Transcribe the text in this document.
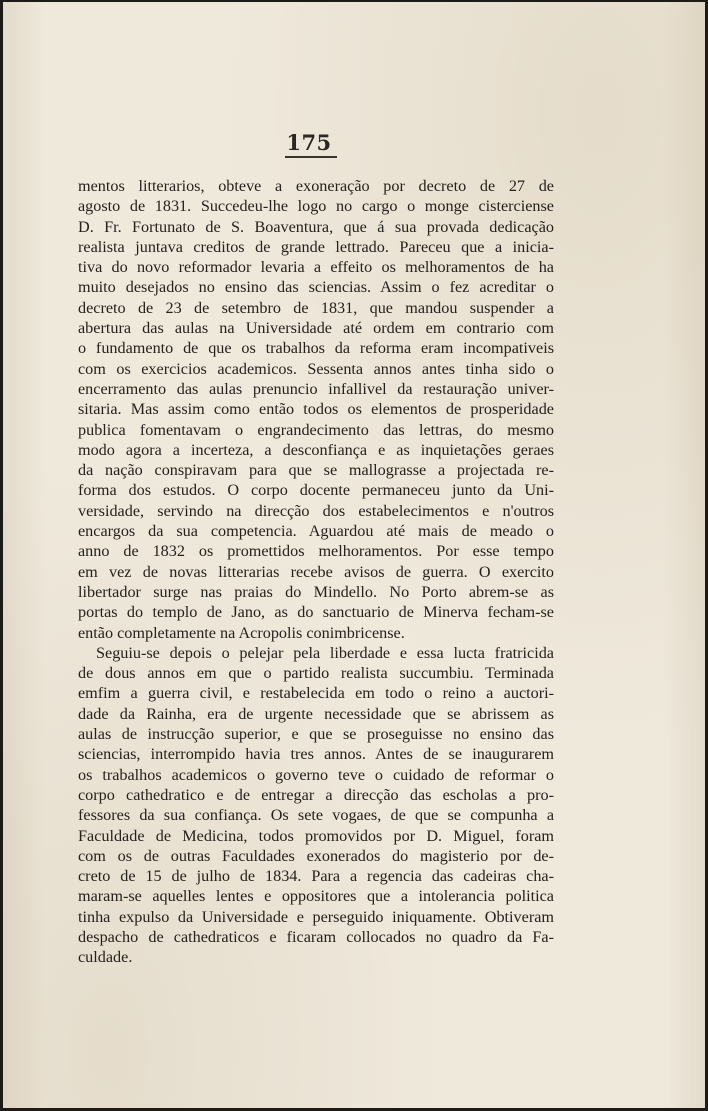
175
mentos litterarios, obteve a exoneração por decreto de 27 de
agosto de 1831. Succedeu-lhe logo no cargo o monge cisterciense
D. Fr. Fortunato de S. Boaventura, que á sua provada dedicação
realista juntava creditos de grande lettrado. Pareceu que a inicia-
tiva do novo reformador levaria a effeito os melhoramentos de ha
muito desejados no ensino das sciencias. Assim o fez acreditar o
decreto de 23 de setembro de 1831, que mandou suspender a
abertura das aulas na Universidade até ordem em contrario com
o fundamento de que os trabalhos da reforma eram incompativeis
com os exercicios academicos. Sessenta annos antes tinha sido o
encerramento das aulas prenuncio infallivel da restauração univer-
sitaria. Mas assim como então todos os elementos de prosperidade
publica fomentavam o engrandecimento das lettras, do mesmo
modo agora a incerteza, a desconfiança e as inquietações geraes
da nação conspiravam para que se mallograsse a projectada re-
forma dos estudos. O corpo docente permaneceu junto da Uni-
versidade, servindo na direcção dos estabelecimentos e n'outros
encargos da sua competencia. Aguardou até mais de meado o
anno de 1832 os promettidos melhoramentos. Por esse tempo
em vez de novas litterarias recebe avisos de guerra. O exercito
libertador surge nas praias do Mindello. No Porto abrem-se as
portas do templo de Jano, as do sanctuario de Minerva fecham-se
então completamente na Acropolis conimbricense.
Seguiu-se depois o pelejar pela liberdade e essa lucta fratricida
de dous annos em que o partido realista succumbiu. Terminada
emfim a guerra civil, e restabelecida em todo o reino a auctori-
dade da Rainha, era de urgente necessidade que se abrissem as
aulas de instrucção superior, e que se proseguisse no ensino das
sciencias, interrompido havia tres annos. Antes de se inaugurarem
os trabalhos academicos o governo teve o cuidado de reformar o
corpo cathedratico e de entregar a direcção das escholas a pro-
fessores da sua confiança. Os sete vogaes, de que se compunha a
Faculdade de Medicina, todos promovidos por D. Miguel, foram
com os de outras Faculdades exonerados do magisterio por de-
creto de 15 de julho de 1834. Para a regencia das cadeiras cha-
maram-se aquelles lentes e oppositores que a intolerancia politica
tinha expulso da Universidade e perseguido iniquamente. Obtiveram
despacho de cathedraticos e ficaram collocados no quadro da Fa-
culdade.
